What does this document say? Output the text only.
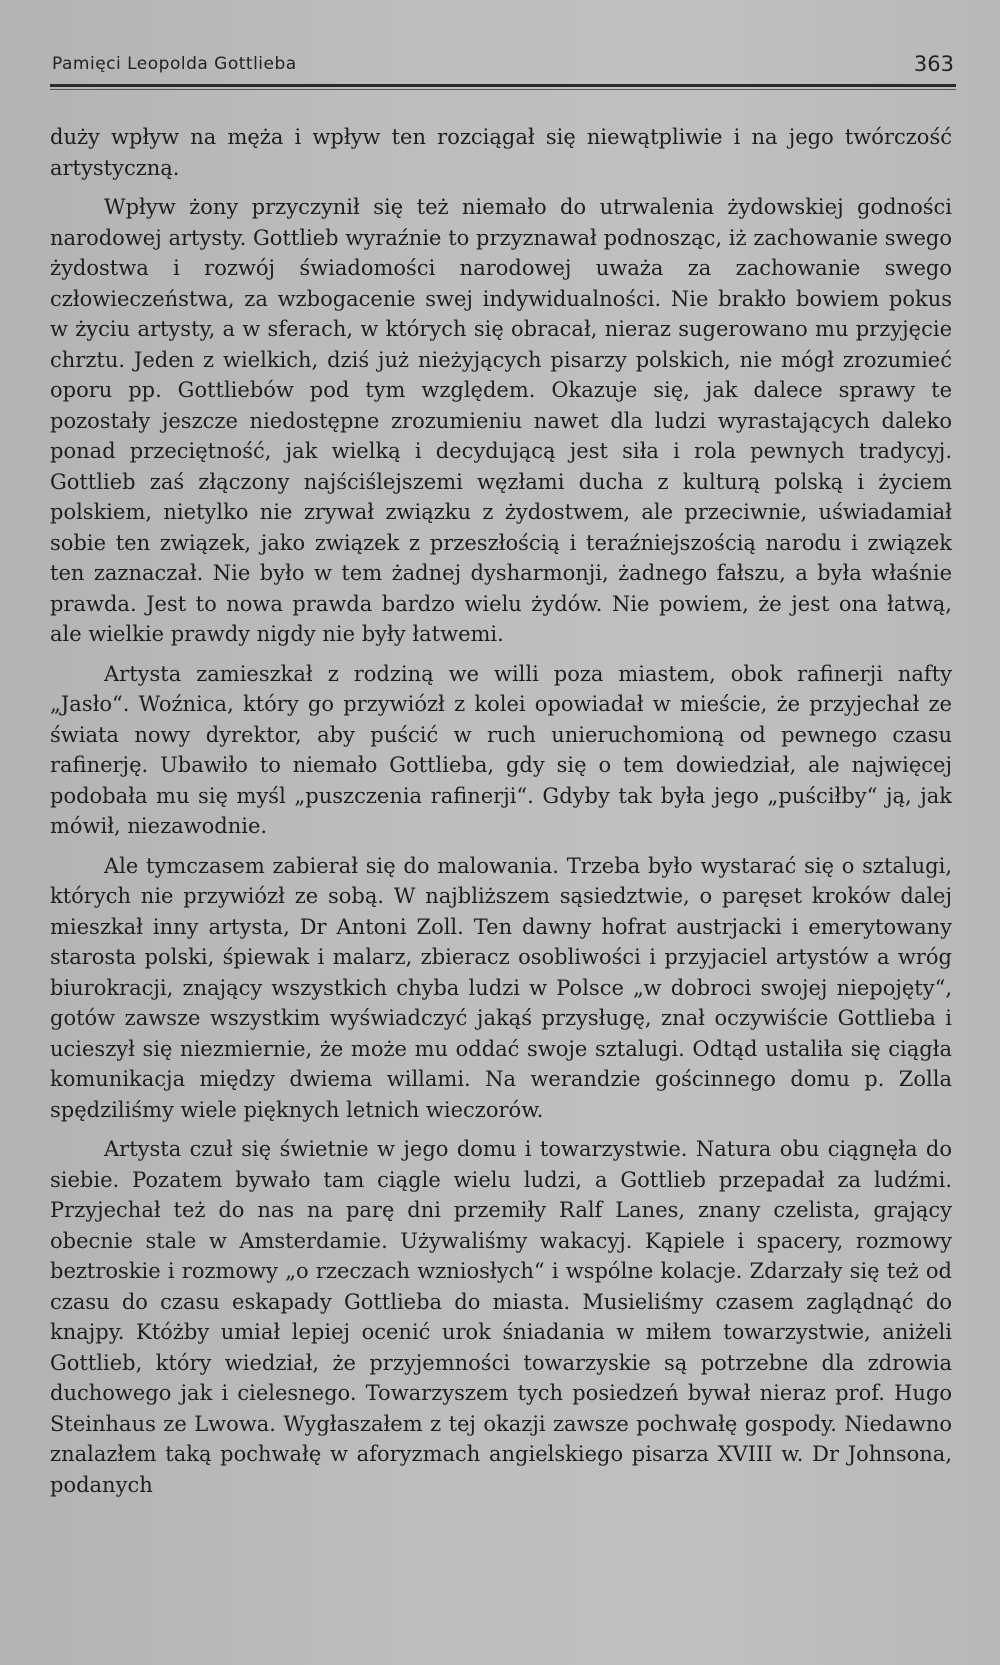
Pamięci Leopolda Gottlieba	363

duży wpływ na męża i wpływ ten rozciągał się niewątpliwie i na jego twórczość artystyczną.

Wpływ żony przyczynił się też niemało do utrwalenia żydowskiej godności narodowej artysty. Gottlieb wyraźnie to przyznawał podnosząc, iż zachowanie swego żydostwa i rozwój świadomości narodowej uważa za zachowanie swego człowieczeństwa, za wzbogacenie swej indywidualności. Nie brakło bowiem pokus w życiu artysty, a w sferach, w których się obracał, nieraz sugerowano mu przyjęcie chrztu. Jeden z wielkich, dziś już nieżyjących pisarzy polskich, nie mógł zrozumieć oporu pp. Gottliebów pod tym względem. Okazuje się, jak dalece sprawy te pozostały jeszcze niedostępne zrozumieniu nawet dla ludzi wyrastających daleko ponad przeciętność, jak wielką i decydującą jest siła i rola pewnych tradycyj. Gottlieb zaś złączony najściślejszemi węzłami ducha z kulturą polską i życiem polskiem, nietylko nie zrywał związku z żydostwem, ale przeciwnie, uświadamiał sobie ten związek, jako związek z przeszłością i teraźniejszością narodu i związek ten zaznaczał. Nie było w tem żadnej dysharmonji, żadnego fałszu, a była właśnie prawda. Jest to nowa prawda bardzo wielu żydów. Nie powiem, że jest ona łatwą, ale wielkie prawdy nigdy nie były łatwemi.

Artysta zamieszkał z rodziną we willi poza miastem, obok rafinerji nafty „Jasło“. Woźnica, który go przywiózł z kolei opowiadał w mieście, że przyjechał ze świata nowy dyrektor, aby puścić w ruch unieruchomioną od pewnego czasu rafinerję. Ubawiło to niemało Gottlieba, gdy się o tem dowiedział, ale najwięcej podobała mu się myśl „puszczenia rafinerji“. Gdyby tak była jego „puściłby“ ją, jak mówił, niezawodnie.

Ale tymczasem zabierał się do malowania. Trzeba było wystarać się o sztalugi, których nie przywiózł ze sobą. W najbliższem sąsiedztwie, o paręset kroków dalej mieszkał inny artysta, Dr Antoni Zoll. Ten dawny hofrat austrjacki i emerytowany starosta polski, śpiewak i malarz, zbieracz osobliwości i przyjaciel artystów a wróg biurokracji, znający wszystkich chyba ludzi w Polsce „w dobroci swojej niepojęty“, gotów zawsze wszystkim wyświadczyć jakąś przysługę, znał oczywiście Gottlieba i ucieszył się niezmiernie, że może mu oddać swoje sztalugi. Odtąd ustaliła się ciągła komunikacja między dwiema willami. Na werandzie gościnnego domu p. Zolla spędziliśmy wiele pięknych letnich wieczorów.

Artysta czuł się świetnie w jego domu i towarzystwie. Natura obu ciągnęła do siebie. Pozatem bywało tam ciągle wielu ludzi, a Gottlieb przepadał za ludźmi. Przyjechał też do nas na parę dni przemiły Ralf Lanes, znany czelista, grający obecnie stale w Amsterdamie. Używaliśmy wakacyj. Kąpiele i spacery, rozmowy beztroskie i rozmowy „o rzeczach wzniosłych“ i wspólne kolacje. Zdarzały się też od czasu do czasu eskapady Gottlieba do miasta. Musieliśmy czasem zaglądnąć do knajpy. Któżby umiał lepiej ocenić urok śniadania w miłem towarzystwie, aniżeli Gottlieb, który wiedział, że przyjemności towarzyskie są potrzebne dla zdrowia duchowego jak i cielesnego. Towarzyszem tych posiedzeń bywał nieraz prof. Hugo Steinhaus ze Lwowa. Wygłaszałem z tej okazji zawsze pochwałę gospody. Niedawno znalazłem taką pochwałę w aforyzmach angielskiego pisarza XVIII w. Dr Johnsona, podanych
